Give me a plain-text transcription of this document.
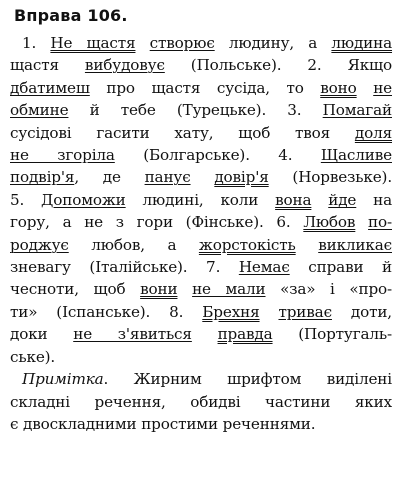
Вправа 106.
1. Не щастя створює людину, а людина
щастя вибудовує (Польське). 2. Якщо
дбатимеш про щастя сусіда, то воно не
обмине й тебе (Турецьке). 3. Помагай
сусідові гасити хату, щоб твоя доля
не згоріла (Болгарське). 4. Щасливе
подвір'я, де панує довір'я (Норвезьке).
5. Допоможи людині, коли вона йде на
гору, а не з гори (Фінське). 6. Любов по-
роджує любов, а жорстокість викликає
зневагу (Італійське). 7. Немає справи й
чесноти, щоб вони не мали «за» і «про-
ти» (Іспанське). 8. Брехня триває доти,
доки не з'явиться правда (Португаль-
ське).
Примітка. Жирним шрифтом виділені
складні речення, обидві частини яких
є двоскладними простими реченнями.
